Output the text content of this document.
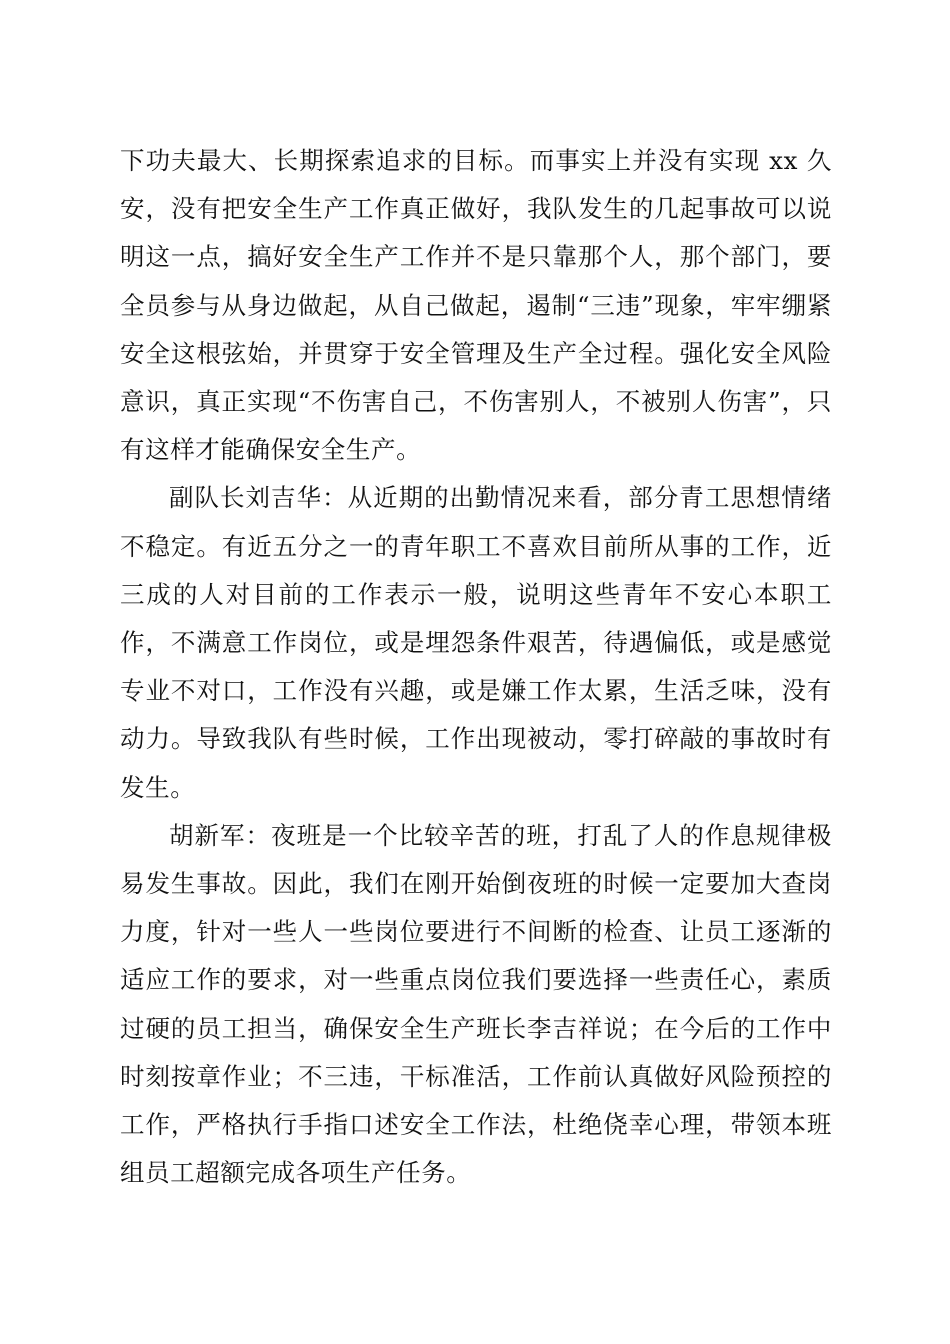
下功夫最大、长期探索追求的目标。而事实上并没有实现 xx 久安，没有把安全生产工作真正做好，我队发生的几起事故可以说明这一点，搞好安全生产工作并不是只靠那个人，那个部门，要全员参与从身边做起，从自己做起，遏制“三违”现象，牢牢绷紧安全这根弦始，并贯穿于安全管理及生产全过程。强化安全风险意识，真正实现“不伤害自己，不伤害别人，不被别人伤害”，只有这样才能确保安全生产。

副队长刘吉华：从近期的出勤情况来看，部分青工思想情绪不稳定。有近五分之一的青年职工不喜欢目前所从事的工作，近三成的人对目前的工作表示一般，说明这些青年不安心本职工作，不满意工作岗位，或是埋怨条件艰苦，待遇偏低，或是感觉专业不对口，工作没有兴趣，或是嫌工作太累，生活乏味，没有动力。导致我队有些时候，工作出现被动，零打碎敲的事故时有发生。

胡新军：夜班是一个比较辛苦的班，打乱了人的作息规律极易发生事故。因此，我们在刚开始倒夜班的时候一定要加大查岗力度，针对一些人一些岗位要进行不间断的检查、让员工逐渐的适应工作的要求，对一些重点岗位我们要选择一些责任心，素质过硬的员工担当，确保安全生产班长李吉祥说；在今后的工作中时刻按章作业；不三违，干标准活，工作前认真做好风险预控的工作，严格执行手指口述安全工作法，杜绝侥幸心理，带领本班组员工超额完成各项生产任务。
